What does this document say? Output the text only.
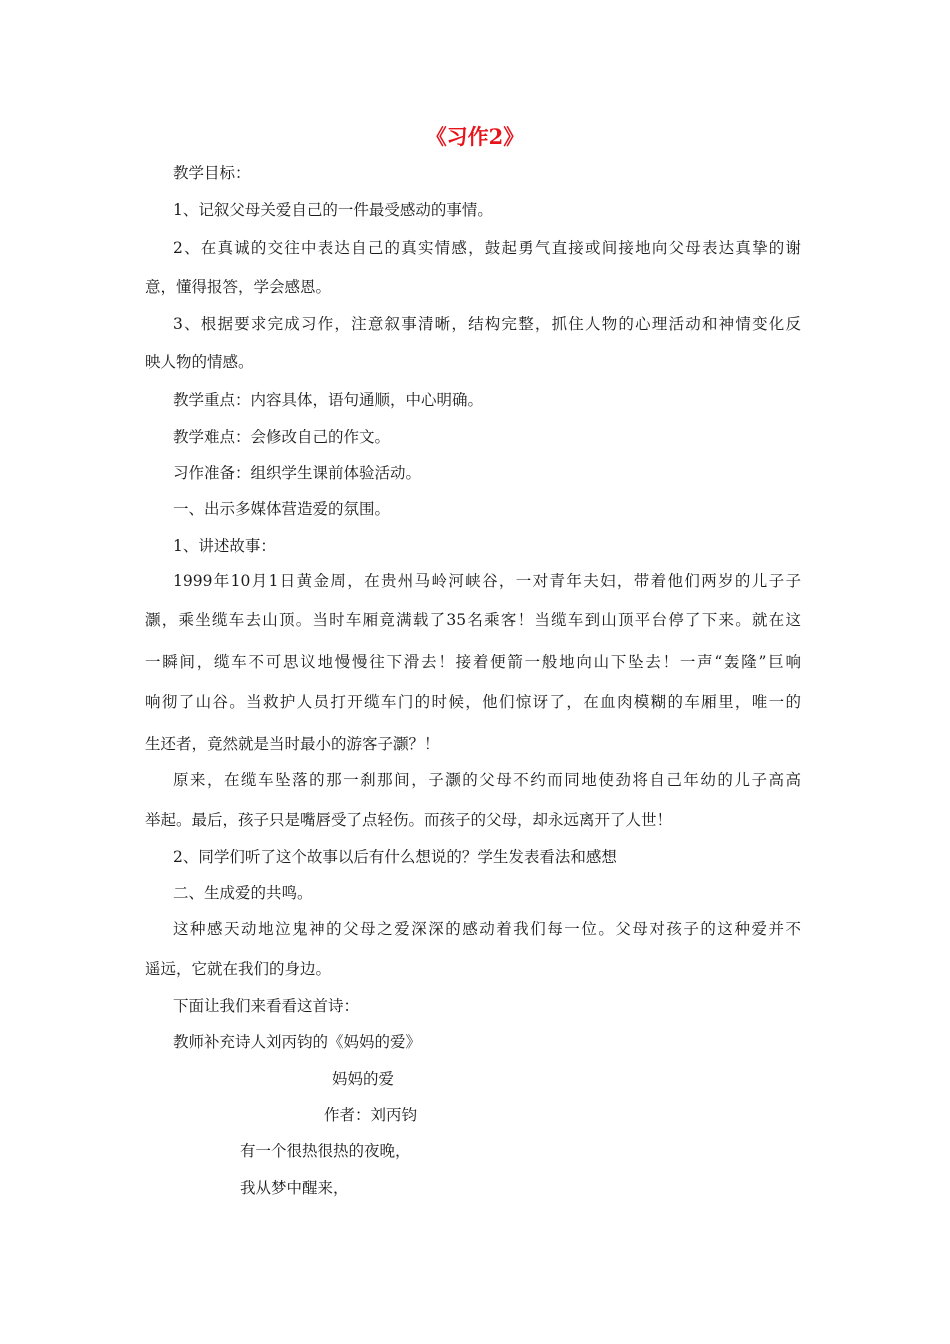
《习作2》
教学目标：
1、记叙父母关爱自己的一件最受感动的事情。
2、在真诚的交往中表达自己的真实情感，鼓起勇气直接或间接地向父母表达真挚的谢
意，懂得报答，学会感恩。
3、根据要求完成习作，注意叙事清晰，结构完整，抓住人物的心理活动和神情变化反
映人物的情感。
教学重点：内容具体，语句通顺，中心明确。
教学难点：会修改自己的作文。
习作准备：组织学生课前体验活动。
一、出示多媒体营造爱的氛围。
1、讲述故事：
1999年10月1日黄金周，在贵州马岭河峡谷，一对青年夫妇，带着他们两岁的儿子子
灏，乘坐缆车去山顶。当时车厢竟满载了35名乘客！当缆车到山顶平台停了下来。就在这
一瞬间，缆车不可思议地慢慢往下滑去！接着便箭一般地向山下坠去！一声“轰隆”巨响
响彻了山谷。当救护人员打开缆车门的时候，他们惊讶了，在血肉模糊的车厢里，唯一的
生还者，竟然就是当时最小的游客子灏？！
原来，在缆车坠落的那一刹那间，子灏的父母不约而同地使劲将自己年幼的儿子高高
举起。最后，孩子只是嘴唇受了点轻伤。而孩子的父母，却永远离开了人世！
2、同学们听了这个故事以后有什么想说的？学生发表看法和感想
二、生成爱的共鸣。
这种感天动地泣鬼神的父母之爱深深的感动着我们每一位。父母对孩子的这种爱并不
遥远，它就在我们的身边。
下面让我们来看看这首诗：
教师补充诗人刘丙钧的《妈妈的爱》
妈妈的爱
作者：刘丙钧
有一个很热很热的夜晚，
我从梦中醒来，
